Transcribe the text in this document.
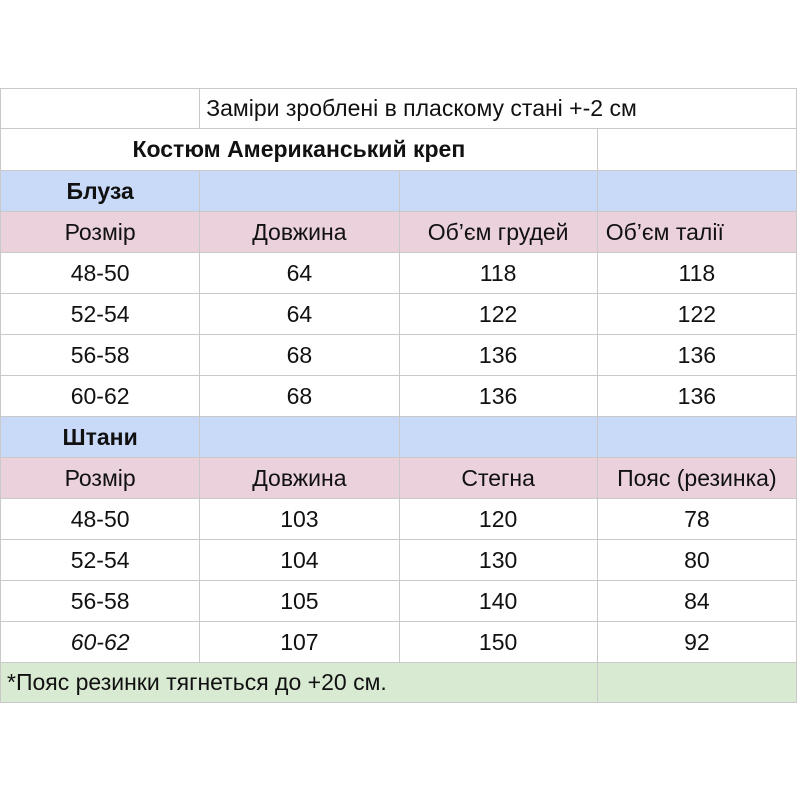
	Заміри зроблені в пласкому стані +-2 см		
Костюм Американський креп			
Блуза			
Розмір	Довжина	Об’єм грудей	Об’єм талії
48-50	64	118	118
52-54	64	122	122
56-58	68	136	136
60-62	68	136	136
Штани			
Розмір	Довжина	Стегна	Пояс (резинка)
48-50	103	120	78
52-54	104	130	80
56-58	105	140	84
60-62	107	150	92
*Пояс резинки тягнеться до +20 см.			
